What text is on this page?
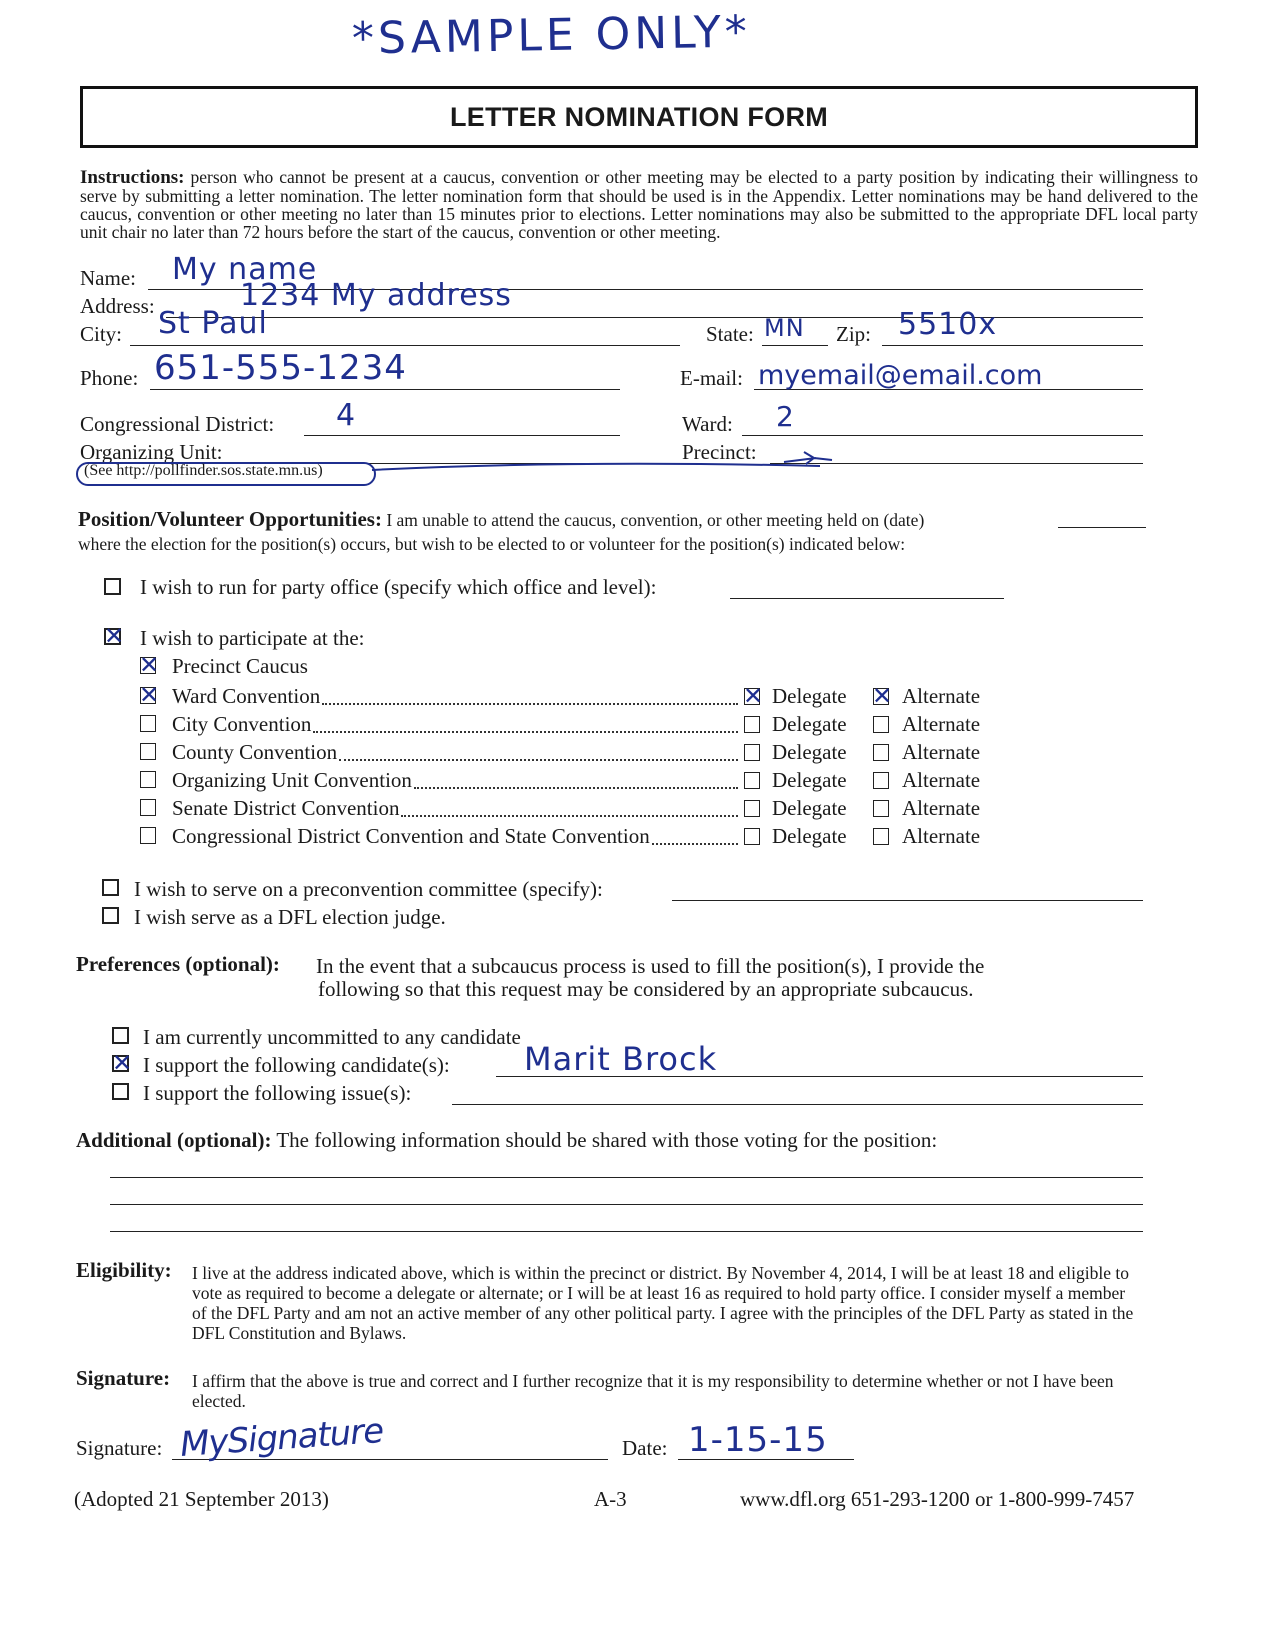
*SAMPLE ONLY*
LETTER NOMINATION FORM
Instructions: person who cannot be present at a caucus, convention or other meeting may be elected to a party position by indicating their willingness to serve by submitting a letter nomination. The letter nomination form that should be used is in the Appendix. Letter nominations may be hand delivered to the caucus, convention or other meeting no later than 15 minutes prior to elections. Letter nominations may also be submitted to the appropriate DFL local party unit chair no later than 72 hours before the start of the caucus, convention or other meeting.
Name: My name
Address:	1234 My address
City: St Paul	State: MN Zip: 5510x
Phone: 651-555-1234	E-mail: myemail@email.com
Congressional District: 4	Ward: 2
Organizing Unit:	Precinct:
(See http://pollfinder.sos.state.mn.us)
Position/Volunteer Opportunities: I am unable to attend the caucus, convention, or other meeting held on (date)
where the election for the position(s) occurs, but wish to be elected to or volunteer for the position(s) indicated below:
I wish to run for party office (specify which office and level):
✕ I wish to participate at the:
✕ Precinct Caucus
✕ Ward Convention	✕ Delegate ✕ Alternate
City Convention	Delegate	Alternate
County Convention	Delegate	Alternate
Organizing Unit Convention	Delegate	Alternate
Senate District Convention	Delegate	Alternate
Congressional District Convention and State Convention	Delegate	Alternate
I wish to serve on a preconvention committee (specify):
I wish serve as a DFL election judge.
Preferences (optional): In the event that a subcaucus process is used to fill the position(s), I provide the
following so that this request may be considered by an appropriate subcaucus.
I am currently uncommitted to any candidate
✕ I support the following candidate(s): Marit Brock
I support the following issue(s):
Additional (optional): The following information should be shared with those voting for the position:
Eligibility: I live at the address indicated above, which is within the precinct or district. By November 4, 2014, I will be at least 18 and eligible to vote as required to become a delegate or alternate; or I will be at least 16 as required to hold party office. I consider myself a member of the DFL Party and am not an active member of any other political party. I agree with the principles of the DFL Party as stated in the DFL Constitution and Bylaws.
Signature: I affirm that the above is true and correct and I further recognize that it is my responsibility to determine whether or not I have been elected.
Signature: MySignature	Date: 1-15-15
(Adopted 21 September 2013)	A-3	www.dfl.org 651-293-1200 or 1-800-999-7457
